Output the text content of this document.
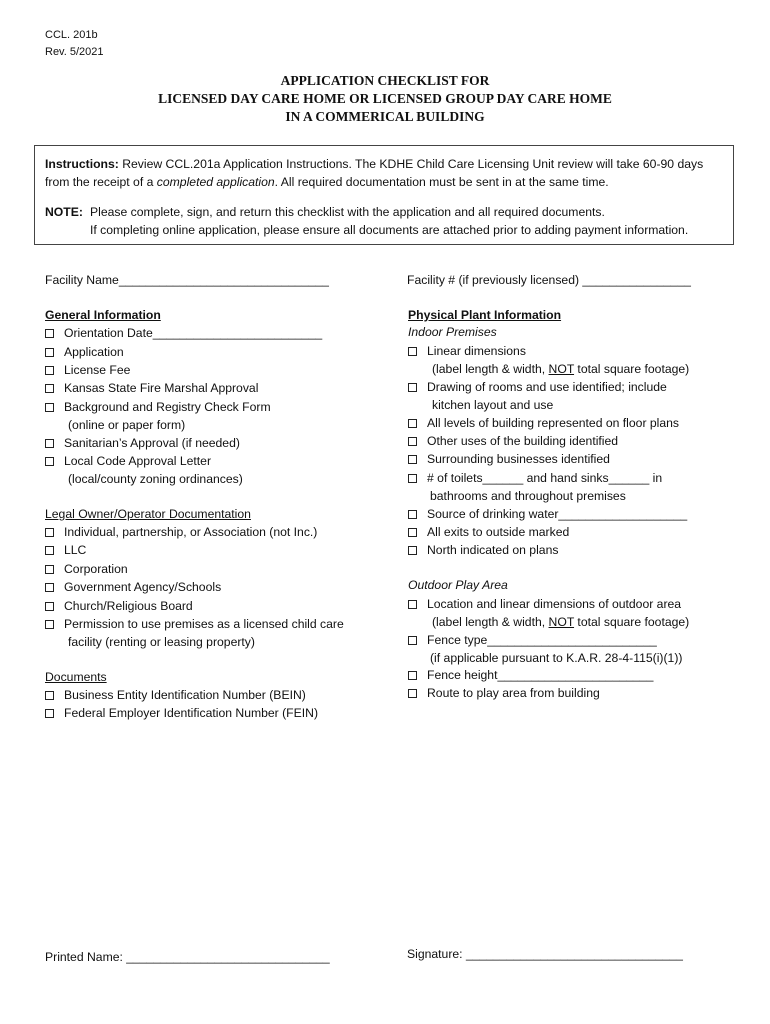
CCL. 201b
Rev. 5/2021
APPLICATION CHECKLIST FOR
LICENSED DAY CARE HOME OR LICENSED GROUP DAY CARE HOME
IN A COMMERICAL BUILDING
Instructions: Review CCL.201a Application Instructions. The KDHE Child Care Licensing Unit review will take 60-90 days
from the receipt of a completed application. All required documentation must be sent in at the same time.
NOTE: Please complete, sign, and return this checklist with the application and all required documents.
If completing online application, please ensure all documents are attached prior to adding payment information.
Facility Name_______________________________	Facility # (if previously licensed) ________________
General Information
Orientation Date_________________________
Application
License Fee
Kansas State Fire Marshal Approval
Background and Registry Check Form
(online or paper form)
Sanitarian’s Approval (if needed)
Local Code Approval Letter
(local/county zoning ordinances)
Legal Owner/Operator Documentation
Individual, partnership, or Association (not Inc.)
LLC
Corporation
Government Agency/Schools
Church/Religious Board
Permission to use premises as a licensed child care
facility (renting or leasing property)
Documents
Business Entity Identification Number (BEIN)
Federal Employer Identification Number (FEIN)
Physical Plant Information
Indoor Premises
Linear dimensions
(label length & width, NOT total square footage)
Drawing of rooms and use identified; include
kitchen layout and use
All levels of building represented on floor plans
Other uses of the building identified
Surrounding businesses identified
# of toilets______ and hand sinks______ in
bathrooms and throughout premises
Source of drinking water___________________
All exits to outside marked
North indicated on plans
Outdoor Play Area
Location and linear dimensions of outdoor area
(label length & width, NOT total square footage)
Fence type_________________________
(if applicable pursuant to K.A.R. 28-4-115(i)(1))
Fence height_______________________
Route to play area from building
Printed Name: ______________________________	Signature: ________________________________
